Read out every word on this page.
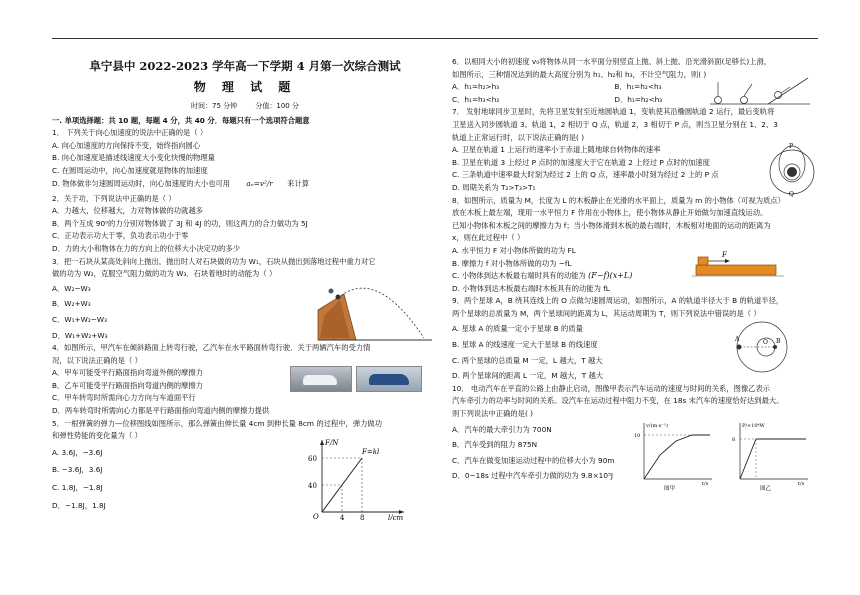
阜宁县中 2022-2023 学年高一下学期 4 月第一次综合测试
物 理 试 题
时间：75 分钟	分值：100 分

一. 单项选择题：共 10 题，每题 4 分，共 40 分．每题只有一个选项符合题意

1． 下列关于向心加速度的说法中正确的是（ ）

A. 向心加速度的方向保持不变，始终指向圆心

B. 向心加速度是描述线速度大小变化快慢的物理量

C. 在圆周运动中，向心加速度就是物体的加速度

D. 物体做非匀速圆周运动时，向心加速度的大小也可用 aₙ=v²/r 来计算

2．关于功，下列说法中正确的是（ ）

A．力越大，位移越大，力对物体做的功就越多

B．两个互成 90⁰的力分别对物体做了 3J 和 4J 的功，则这两力的合力做功为 5J

C．正功表示功大于零，负功表示功小于零

D．力的大小和物体在力的方向上的位移大小决定功的多少

3．把一石块从某高处斜向上抛出，抛出时人对石块做的功为 W₁，石块从抛出到落地过程中重力对它

做的功为 W₂，克服空气阻力做的功为 W₃．石块着地时的动能为（ ）

A．W₂−W₃

B．W₂+W₃

C．W₁+W₂−W₃

D．W₁+W₂+W₃

4．如图所示，甲汽车在倾斜路面上转弯行驶，乙汽车在水平路面转弯行驶．关于两辆汽车的受力情

况，以下说法正确的是（ ）

A．甲车可能受平行路面指向弯道外侧的摩擦力

B．乙车可能受平行路面指向弯道内侧的摩擦力

C．甲车转弯时所需向心力方向与车道面平行

D．两车转弯时所需向心力都是平行路面指向弯道内侧的摩擦力提供

5．一根弹簧的弹力—位移图线如图所示，那么弹簧由伸长量 4cm 到伸长量 8cm 的过程中，弹力做功

和弹性势能的变化量为（ ）

A. 3.6J，−3.6J

B. −3.6J，3.6J

C. 1.8J，−1.8J

D．−1.8J，1.8J

F/N
F=kl
60
40
O	4 8	l/cm

6．以相同大小的初速度 v₀将物体从同一水平面分别竖直上抛、斜上抛、沿光滑斜面(足够长)上滑，

如图所示，三种情况达到的最大高度分别为 h₁、h₂和 h₃，不计空气阻力，则( )

A．h₁=h₂>h₃	B．h₁=h₂<h₃

C．h₁=h₃<h₂	D．h₁=h₂<h₃

7． 发射地球同步卫星时，先将卫星发射至近地圆轨道 1，变轨使其沿椭圆轨道 2 运行，最后变轨将

卫星送入同步圆轨道 3。轨道 1，2 相切于 Q 点，轨道 2，3 相切于 P 点，则当卫星分别在 1、2、3

轨道上正常运行时，以下说法正确的是( )

A. 卫星在轨道 1 上运行的速率小于赤道上随地球自转物体的速率

B. 卫星在轨道 3 上经过 P 点时的加速度大于它在轨道 2 上经过 P 点时的加速度

C. 三条轨道中速率最大时刻为经过 2 上的 Q 点，速率最小时刻为经过 2 上的 P 点

D. 周期关系为 T₂>T₃>T₁

P
Q

8．如图所示，质量为 M，长度为 L 的木板静止在光滑的水平面上，质量为 m 的小物体（可视为质点）

放在木板上最左端，现用一水平恒力 F 作用在小物体上，使小物体从静止开始做匀加速直线运动。

已知小物体和木板之间的摩擦力为 f；当小物体滑到木板的最右端时，木板相对地面的运动的距离为

x，则在此过程中（ ）

A. 水平恒力 F 对小物体所做的功为 FL

B. 摩擦力 f 对小物体所做的功为 −fL

C. 小物体到达木板最右端时具有的动能为 (F−f)(x+L)

D. 小物体到达木板最右端时木板具有的动能为 fL

F

9．两个星球 A，B 绕其连线上的 O 点做匀速圆周运动，如图所示，A 的轨道半径大于 B 的轨道半径，

两个星球的总质量为 M，两个星球间的距离为 L，其运动周期为 T，则下列说法中错误的是（ ）

A. 星球 A 的质量一定小于星球 B 的质量

B. 星球 A 的线速度一定大于星球 B 的线速度

C. 两个星球的总质量 M 一定，L 越大，T 越大

D. 两个星球间的距离 L 一定，M 越大，T 越大

A	O B

10． 电动汽车在平直的公路上由静止启动，图像甲表示汽车运动的速度与时间的关系，图像乙表示

汽车牵引力的功率与时间的关系。设汽车在运动过程中阻力不变，在 18s 末汽车的速度恰好达到最大。

则下列说法中正确的是( )

A．汽车的最大牵引力为 700N

B．汽车受到的阻力 875N

C．汽车在做变加速运动过程中的位移大小为 90m

D．0~18s 过程中汽车牵引力做的功为 9.8×10⁵J

v/(m·s⁻¹)
10
t/s
图甲
P/×10⁴W
8
t/s
图乙
